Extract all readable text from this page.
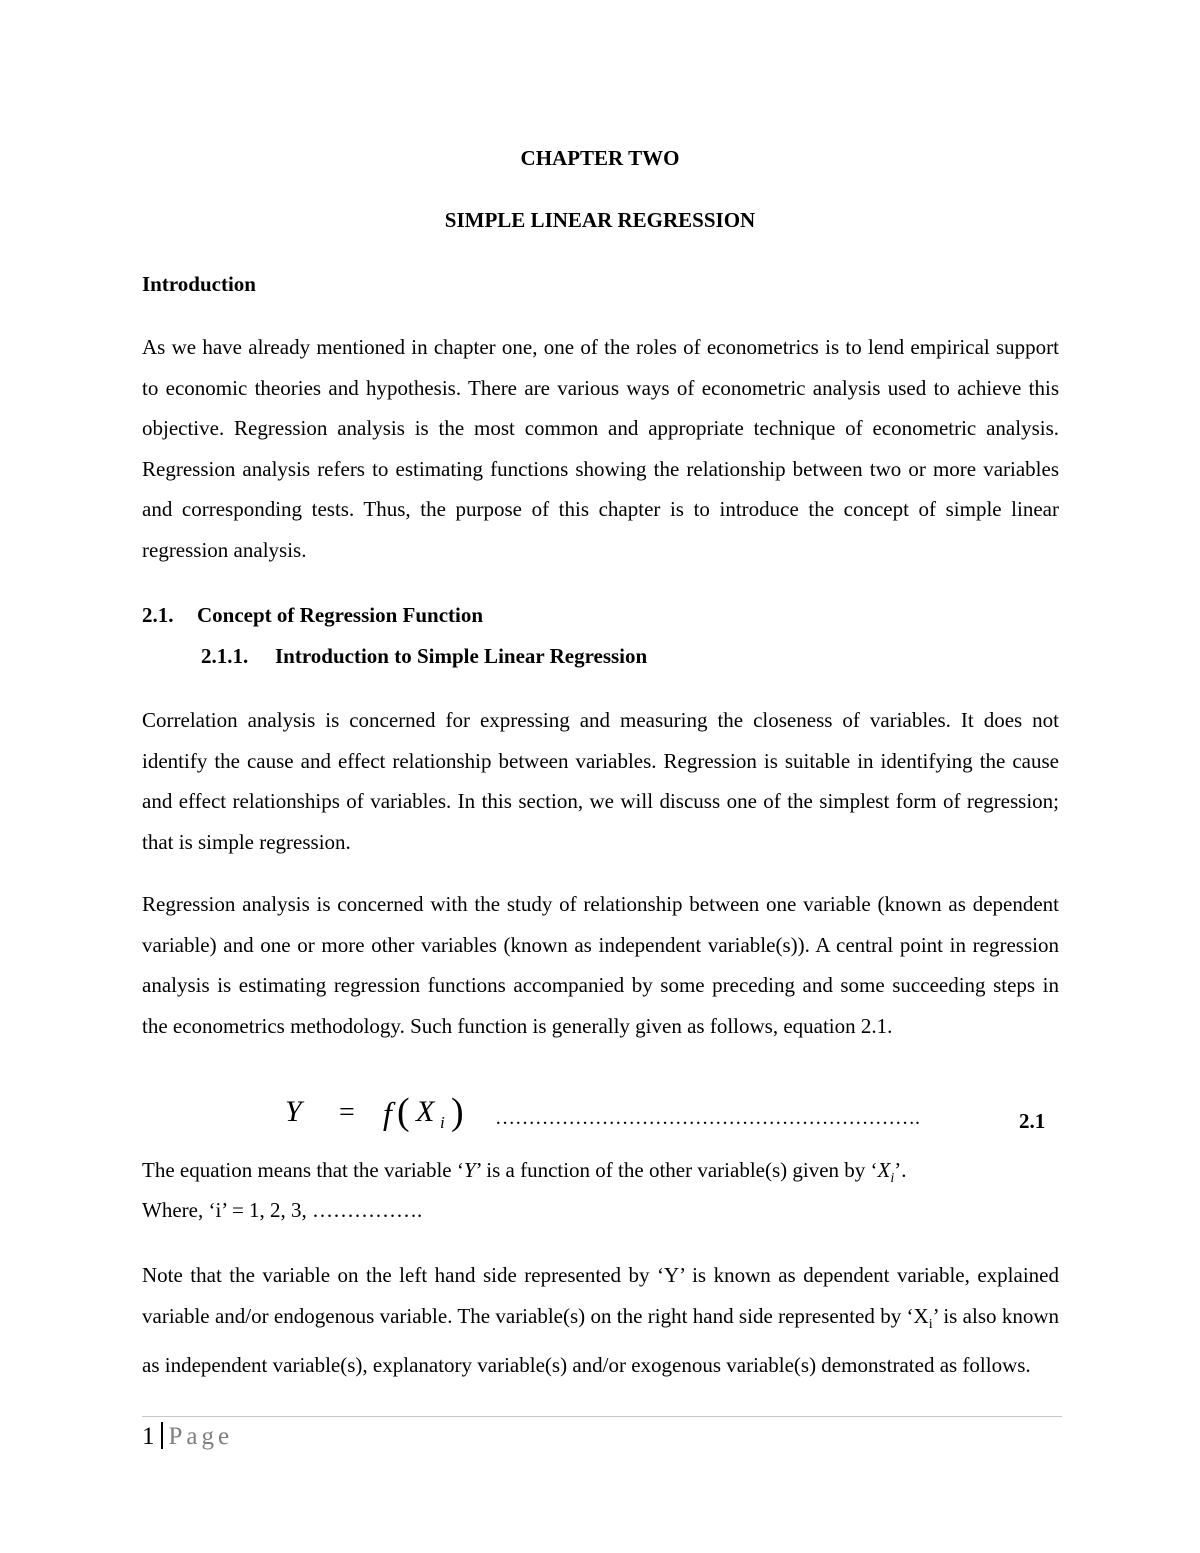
CHAPTER TWO
SIMPLE LINEAR REGRESSION
Introduction

As we have already mentioned in chapter one, one of the roles of econometrics is to lend empirical support to economic theories and hypothesis. There are various ways of econometric analysis used to achieve this objective. Regression analysis is the most common and appropriate technique of econometric analysis. Regression analysis refers to estimating functions showing the relationship between two or more variables and corresponding tests. Thus, the purpose of this chapter is to introduce the concept of simple linear regression analysis.

2.1. Concept of Regression Function
2.1.1. Introduction to Simple Linear Regression

Correlation analysis is concerned for expressing and measuring the closeness of variables. It does not identify the cause and effect relationship between variables. Regression is suitable in identifying the cause and effect relationships of variables. In this section, we will discuss one of the simplest form of regression; that is simple regression.

Regression analysis is concerned with the study of relationship between one variable (known as dependent variable) and one or more other variables (known as independent variable(s)). A central point in regression analysis is estimating regression functions accompanied by some preceding and some succeeding steps in the econometrics methodology. Such function is generally given as follows, equation 2.1.

Y = f ( X i ) ……………………………………………………….	2.1

The equation means that the variable ‘Y’ is a function of the other variable(s) given by ‘$X_i$’.

Where, ‘i’ = 1, 2, 3, …………….

Note that the variable on the left hand side represented by ‘Y’ is known as dependent variable, explained variable and/or endogenous variable. The variable(s) on the right hand side represented by ‘$X_i$’ is also known as independent variable(s), explanatory variable(s) and/or exogenous variable(s) demonstrated as follows.

1 Page
